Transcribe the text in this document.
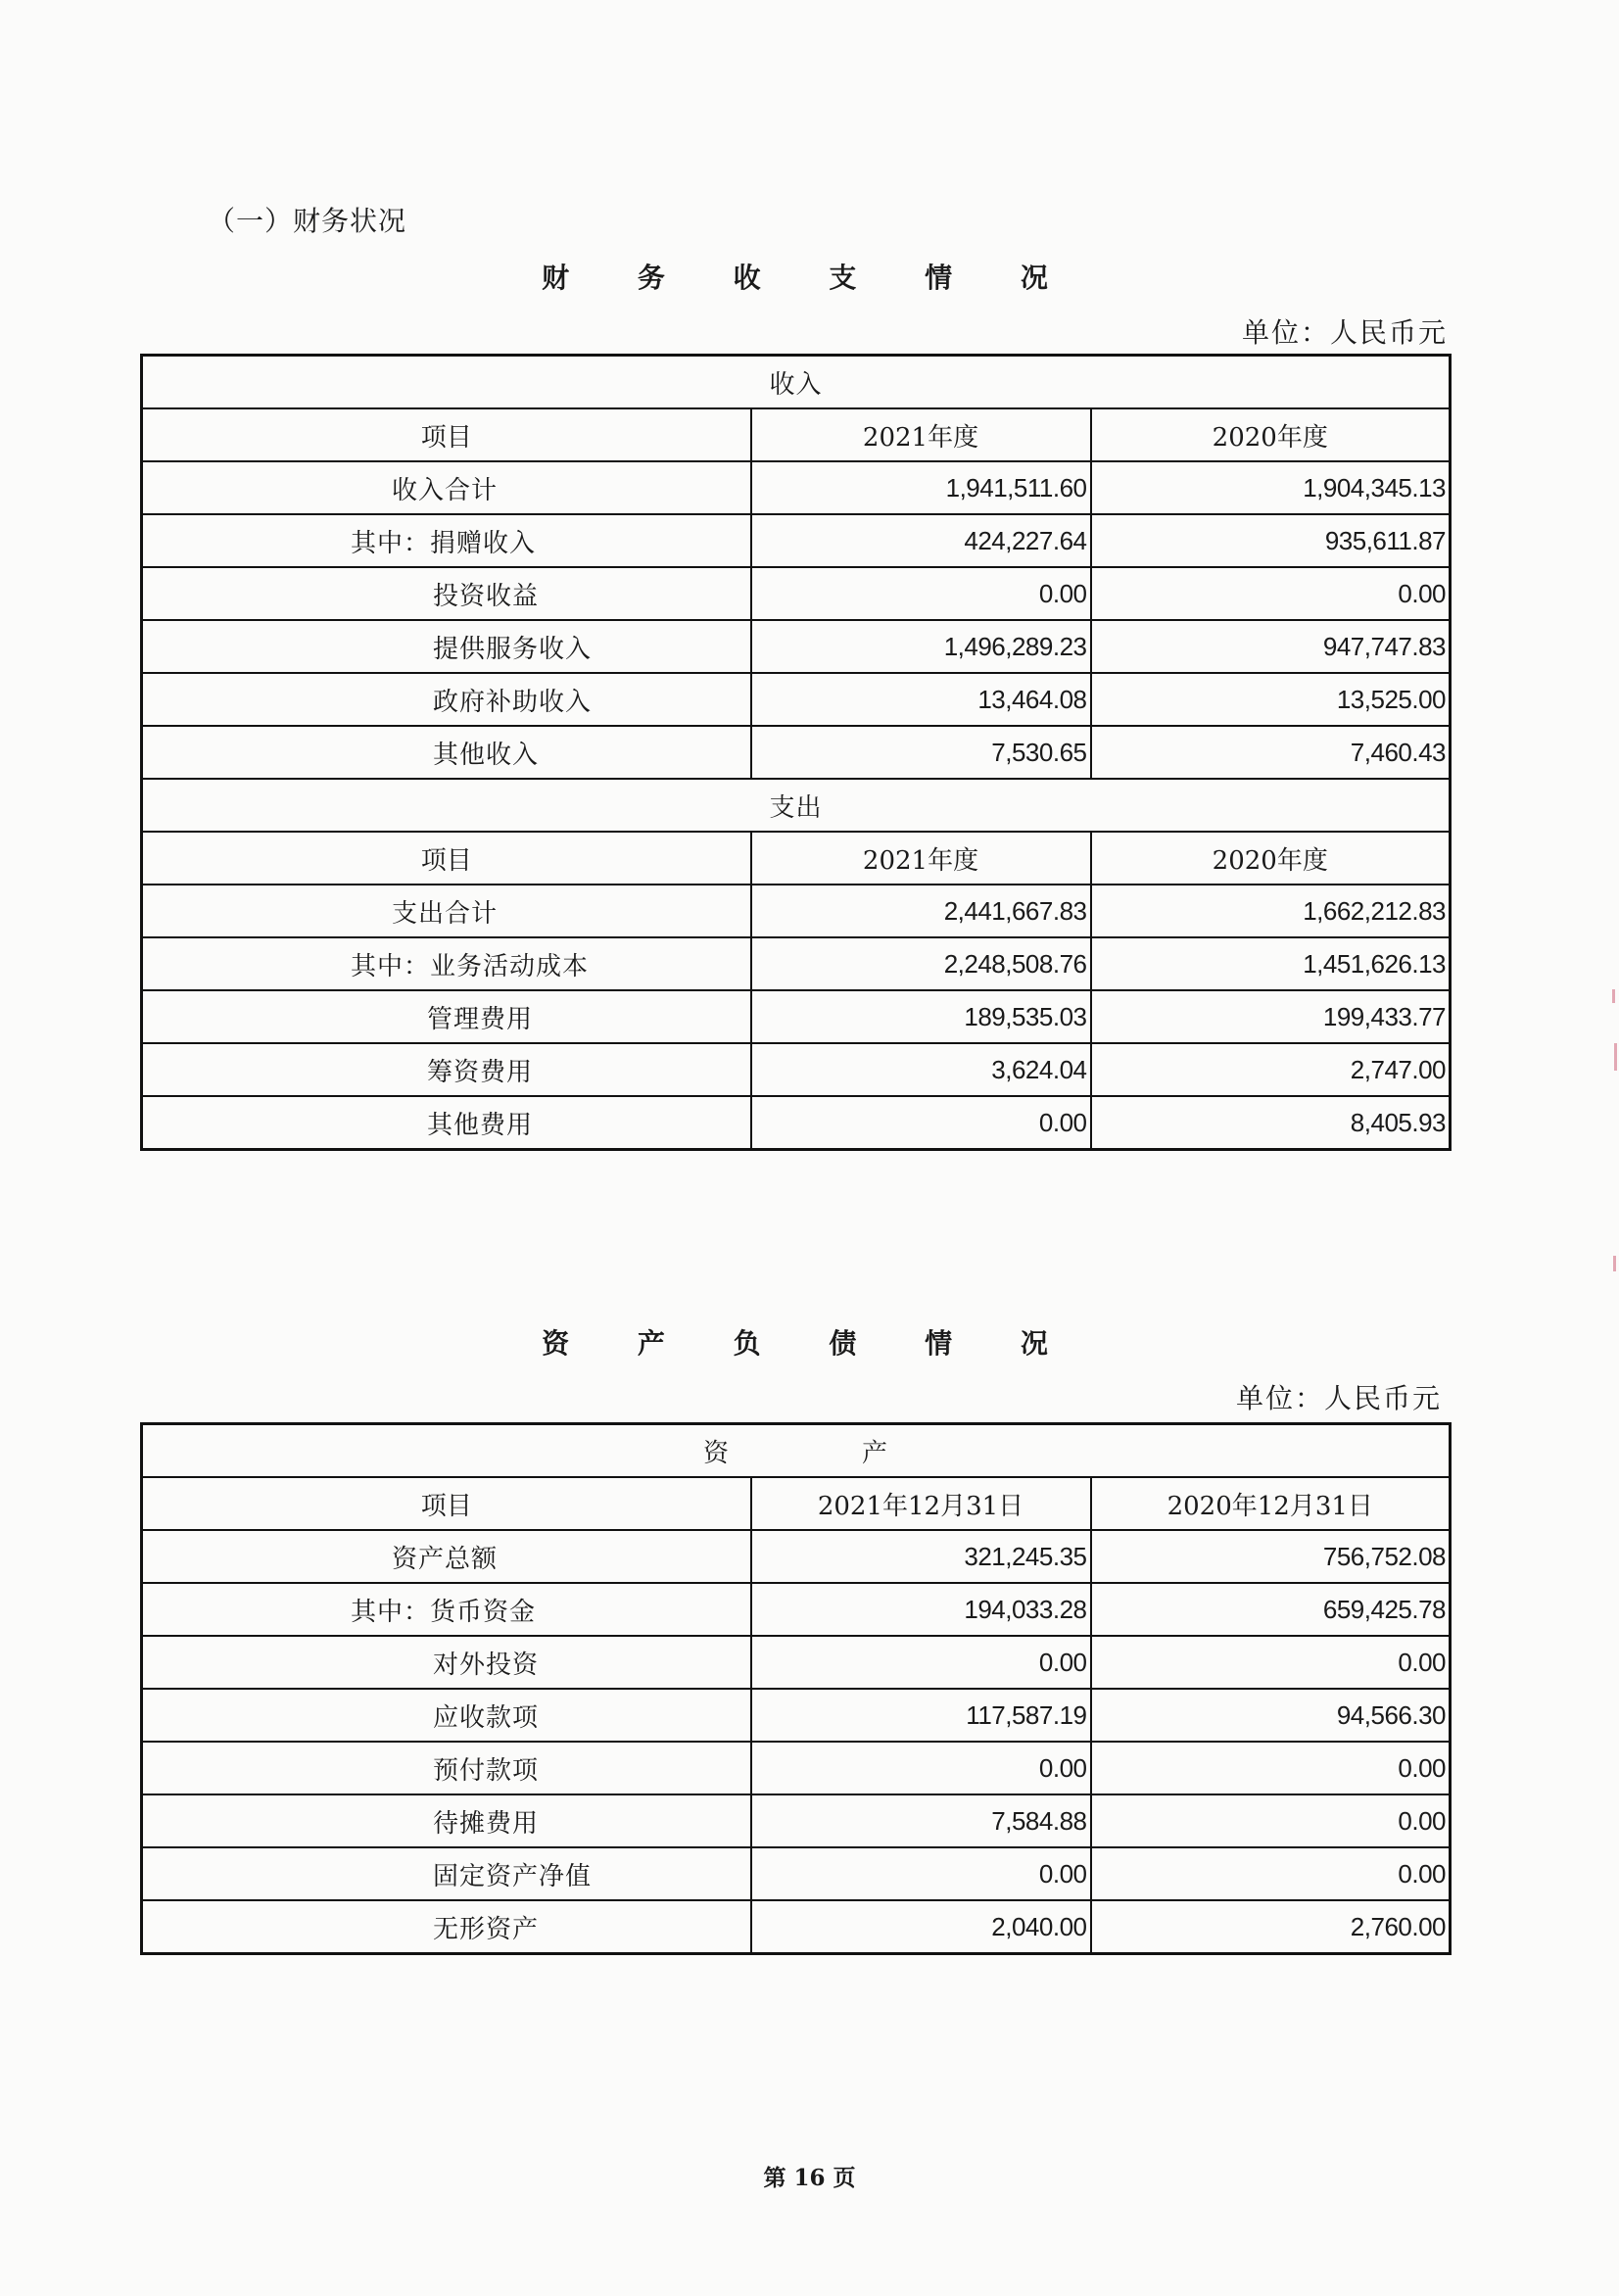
（一）财务状况
财 务 收 支 情 况
单位：人民币元
收入		
项目	2021年度	2020年度
收入合计	1,941,511.60	1,904,345.13
其中：捐赠收入	424,227.64	935,611.87
投资收益	0.00	0.00
提供服务收入	1,496,289.23	947,747.83
政府补助收入	13,464.08	13,525.00
其他收入	7,530.65	7,460.43
支出		
项目	2021年度	2020年度
支出合计	2,441,667.83	1,662,212.83
其中：业务活动成本	2,248,508.76	1,451,626.13
管理费用	189,535.03	199,433.77
筹资费用	3,624.04	2,747.00
其他费用	0.00	8,405.93
资 产 负 债 情 况
单位：人民币元
资　　　　　产		
项目	2021年12月31日	2020年12月31日
资产总额	321,245.35	756,752.08
其中：货币资金	194,033.28	659,425.78
对外投资	0.00	0.00
应收款项	117,587.19	94,566.30
预付款项	0.00	0.00
待摊费用	7,584.88	0.00
固定资产净值	0.00	0.00
无形资产	2,040.00	2,760.00
第 16 页
